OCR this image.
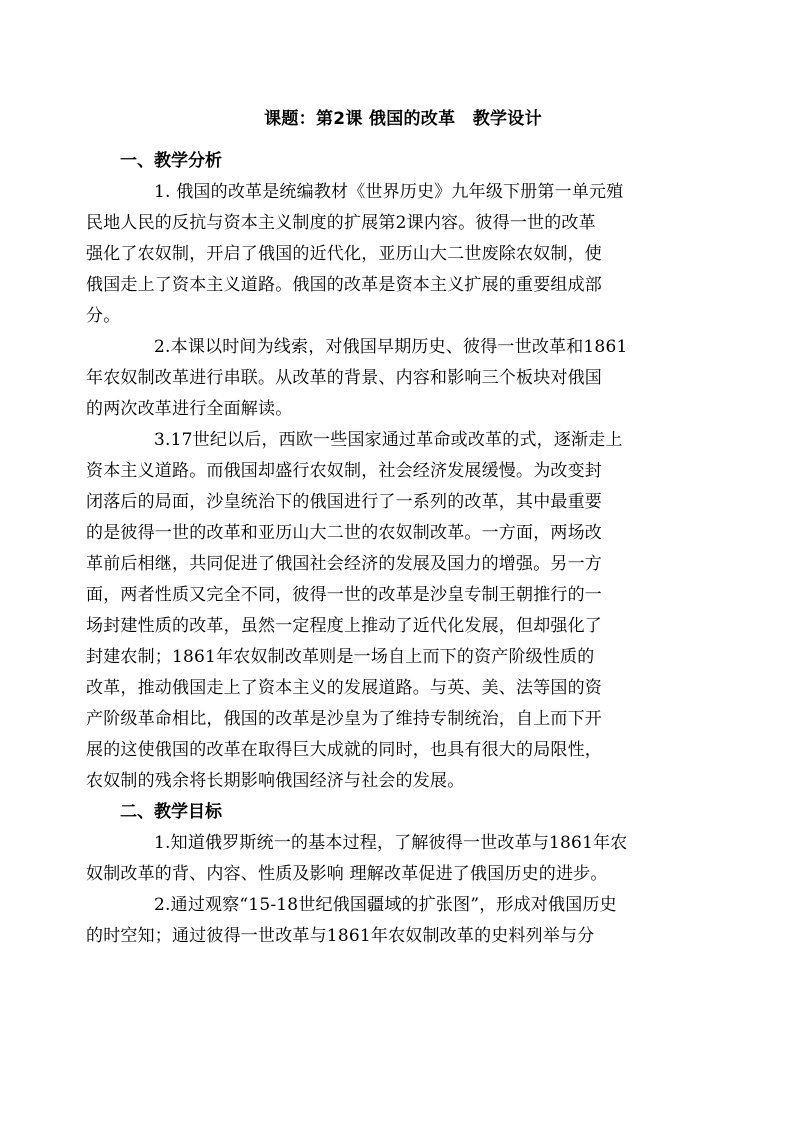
课题：第2课 俄国的改革　教学设计
一、教学分析
1. 俄国的改革是统编教材《世界历史》九年级下册第一单元殖
民地人民的反抗与资本主义制度的扩展第2课内容。彼得一世的改革
强化了农奴制，开启了俄国的近代化，亚历山大二世废除农奴制，使
俄国走上了资本主义道路。俄国的改革是资本主义扩展的重要组成部
分。
2.本课以时间为线索，对俄国早期历史、彼得一世改革和1861
年农奴制改革进行串联。从改革的背景、内容和影响三个板块对俄国
的两次改革进行全面解读。
3.17世纪以后，西欧一些国家通过革命或改革的式，逐渐走上
资本主义道路。而俄国却盛行农奴制，社会经济发展缓慢。为改变封
闭落后的局面，沙皇统治下的俄国进行了一系列的改革，其中最重要
的是彼得一世的改革和亚历山大二世的农奴制改革。一方面，两场改
革前后相继，共同促进了俄国社会经济的发展及国力的增强。另一方
面，两者性质又完全不同，彼得一世的改革是沙皇专制王朝推行的一
场封建性质的改革，虽然一定程度上推动了近代化发展，但却强化了
封建农制；1861年农奴制改革则是一场自上而下的资产阶级性质的
改革，推动俄国走上了资本主义的发展道路。与英、美、法等国的资
产阶级革命相比，俄国的改革是沙皇为了维持专制统治，自上而下开
展的这使俄国的改革在取得巨大成就的同时，也具有很大的局限性，
农奴制的残余将长期影响俄国经济与社会的发展。
二、教学目标
1.知道俄罗斯统一的基本过程，了解彼得一世改革与1861年农
奴制改革的背、内容、性质及影响 理解改革促进了俄国历史的进步。
2.通过观察“15-18世纪俄国疆域的扩张图”，形成对俄国历史
的时空知；通过彼得一世改革与1861年农奴制改革的史料列举与分
